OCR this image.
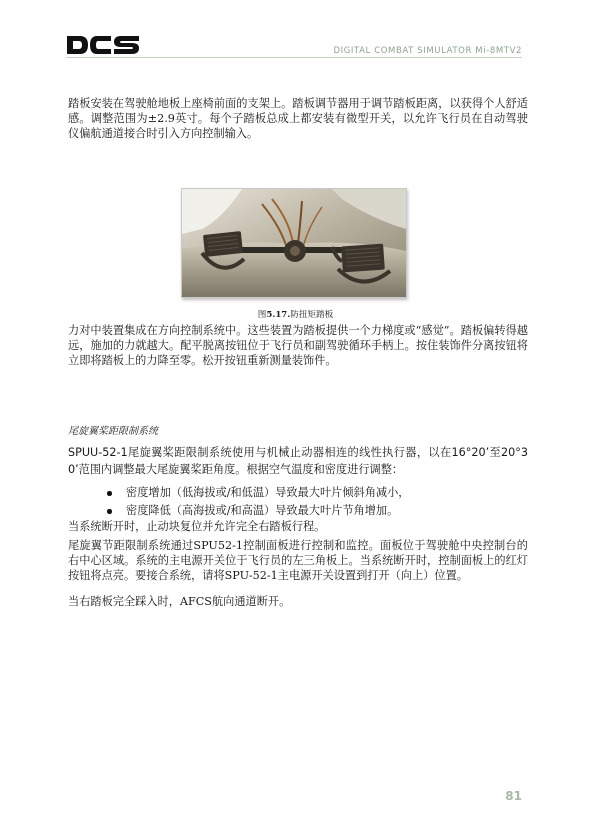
DIGITAL COMBAT SIMULATOR Mi-8MTV2

踏板安装在驾驶舱地板上座椅前面的支架上。踏板调节器用于调节踏板距离，以获得个人舒适感。调整范围为±2.9英寸。每个子踏板总成上都安装有微型开关，以允许飞行员在自动驾驶仪偏航通道接合时引入方向控制输入。

图5.17.防扭矩踏板

力对中装置集成在方向控制系统中。这些装置为踏板提供一个力梯度或“感觉”。踏板偏转得越远，施加的力就越大。配平脱离按钮位于飞行员和副驾驶循环手柄上。按住装饰件分离按钮将立即将踏板上的力降至零。松开按钮重新测量装饰件。

尾旋翼桨距限制系统

SPUU-52-1尾旋翼桨距限制系统使用与机械止动器相连的线性执行器，以在16°20’至20°30’范围内调整最大尾旋翼桨距角度。根据空气温度和密度进行调整：

密度增加（低海拔或/和低温）导致最大叶片倾斜角减小，
密度降低（高海拔或/和高温）导致最大叶片节角增加。

当系统断开时，止动块复位并允许完全右踏板行程。

尾旋翼节距限制系统通过SPU52-1控制面板进行控制和监控。面板位于驾驶舱中央控制台的右中心区域。系统的主电源开关位于飞行员的左三角板上。当系统断开时，控制面板上的红灯按钮将点亮。要接合系统，请将SPU-52-1主电源开关设置到打开（向上）位置。

当右踏板完全踩入时，AFCS航向通道断开。

81
